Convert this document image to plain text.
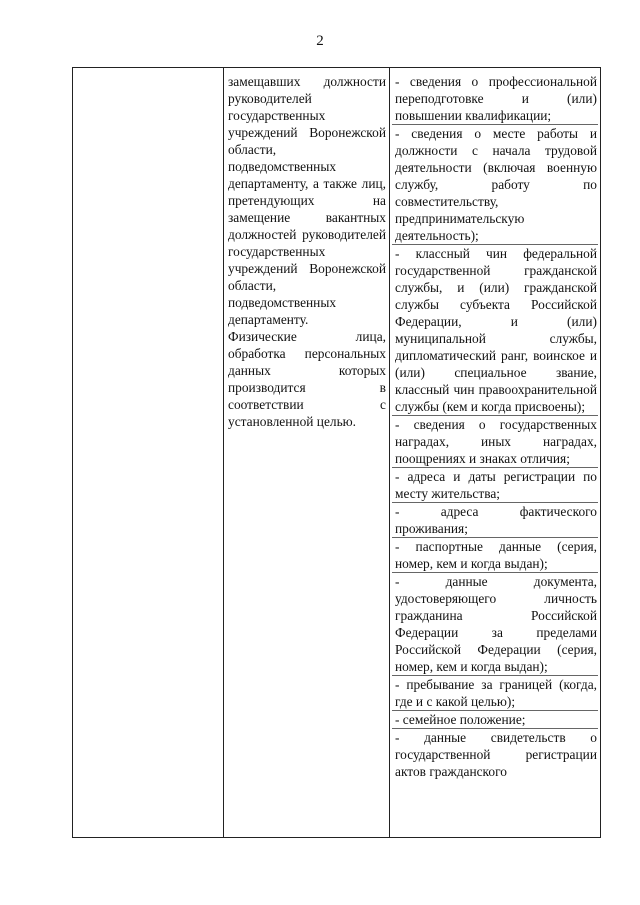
2

замещавших должности руководителей государственных учреждений Воронежской области, подведомственных департаменту, а также лиц, претендующих на замещение вакантных должностей руководителей государственных учреждений Воронежской области, подведомственных департаменту.

Физические лица, обработка персональных данных которых производится в соответствии с установленной целью.

- сведения о профессиональной переподготовке и (или) повышении квалификации;

- сведения о месте работы и должности с начала трудовой деятельности (включая военную службу, работу по совместительству, предпринимательскую деятельность);

- классный чин федеральной государственной гражданской службы, и (или) гражданской службы субъекта Российской Федерации, и (или) муниципальной службы, дипломатический ранг, воинское и (или) специальное звание, классный чин правоохранительной службы (кем и когда присвоены);

- сведения о государственных наградах, иных наградах, поощрениях и знаках отличия;

- адреса и даты регистрации по месту жительства;

- адреса фактического проживания;

- паспортные данные (серия, номер, кем и когда выдан);

- данные документа, удостоверяющего личность гражданина Российской Федерации за пределами Российской Федерации (серия, номер, кем и когда выдан);

- пребывание за границей (когда, где и с какой целью);

- семейное положение;

- данные свидетельств о государственной регистрации актов гражданского
